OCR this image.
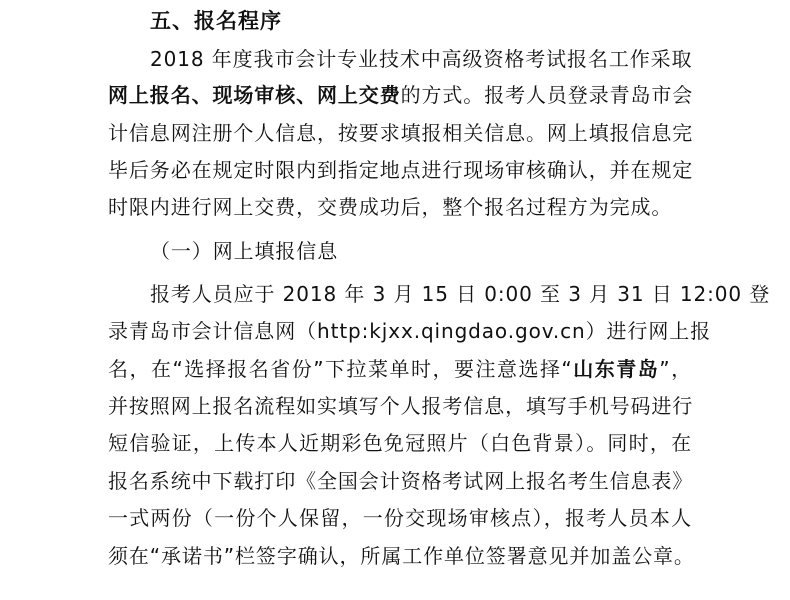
五、报名程序
2018 年度我市会计专业技术中高级资格考试报名工作采取
网上报名、现场审核、网上交费的方式。报考人员登录青岛市会
计信息网注册个人信息，按要求填报相关信息。网上填报信息完
毕后务必在规定时限内到指定地点进行现场审核确认，并在规定
时限内进行网上交费，交费成功后，整个报名过程方为完成。
（一）网上填报信息
报考人员应于 2018 年 3 月 15 日 0:00 至 3 月 31 日 12:00 登
录青岛市会计信息网（http:kjxx.qingdao.gov.cn）进行网上报
名，在“选择报名省份”下拉菜单时，要注意选择“山东青岛”，
并按照网上报名流程如实填写个人报考信息，填写手机号码进行
短信验证，上传本人近期彩色免冠照片（白色背景）。同时，在
报名系统中下载打印《全国会计资格考试网上报名考生信息表》
一式两份（一份个人保留，一份交现场审核点），报考人员本人
须在“承诺书”栏签字确认，所属工作单位签署意见并加盖公章。
